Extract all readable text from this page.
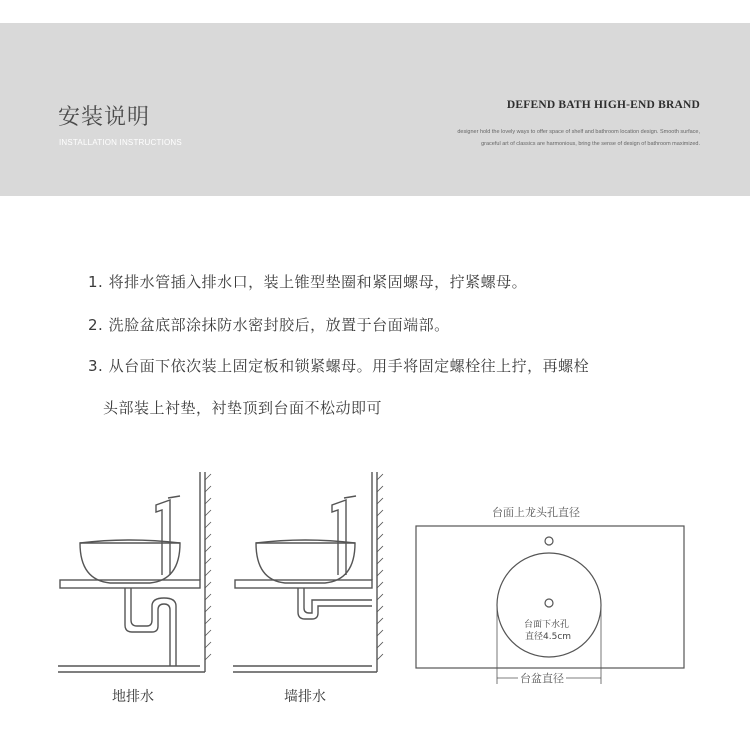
安装说明
INSTALLATION INSTRUCTIONS
DEFEND BATH HIGH-END BRAND
designer hold the lovely ways to offer space of shelf and bathroom location design. Smooth surface,
graceful art of classics are harmonious, bring the sense of design of bathroom maximized.
1. 将排水管插入排水口，装上锥型垫圈和紧固螺母，拧紧螺母。
2. 洗脸盆底部涂抹防水密封胶后，放置于台面端部。
3. 从台面下依次装上固定板和锁紧螺母。用手将固定螺栓往上拧，再螺栓
头部装上衬垫，衬垫顶到台面不松动即可
台面上龙头孔直径
台面下水孔
直径4.5cm
台盆直径
地排水	墙排水
